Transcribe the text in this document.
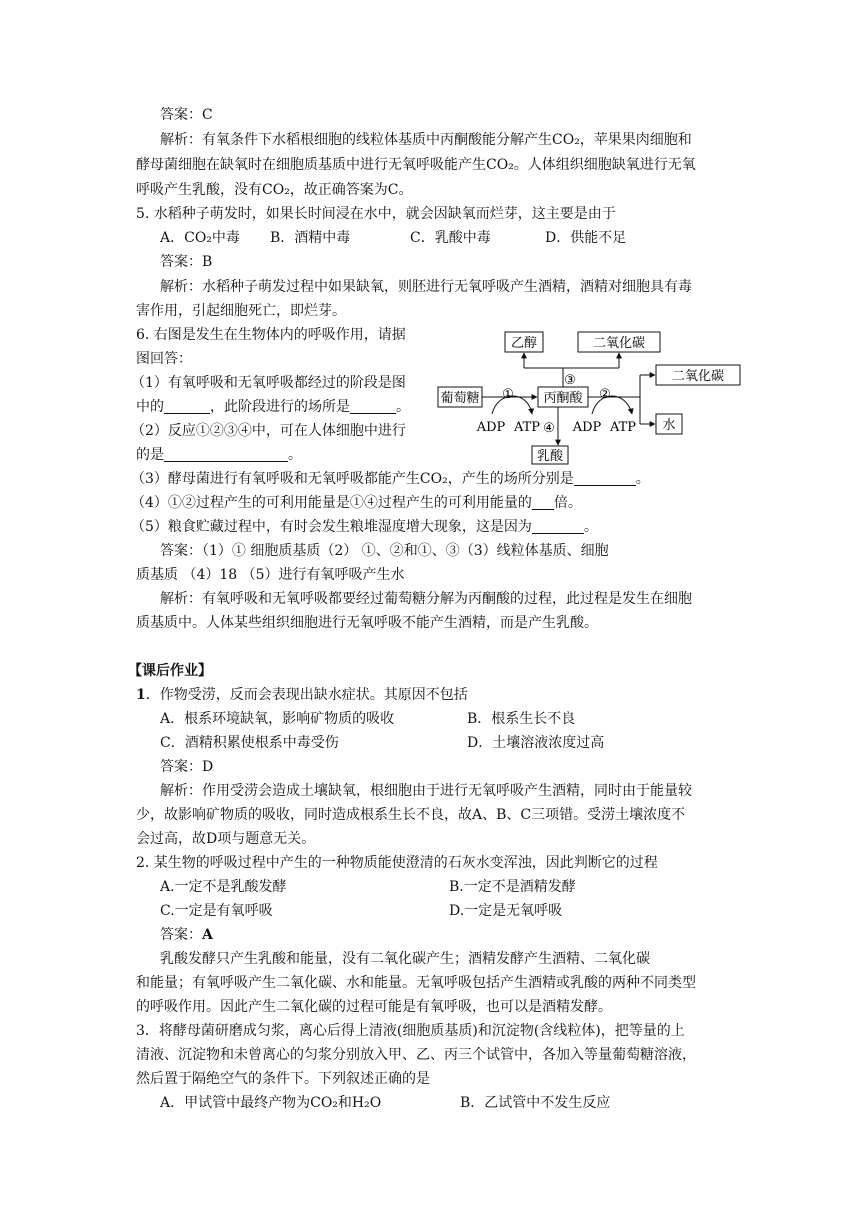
答案：C
解析：有氧条件下水稻根细胞的线粒体基质中丙酮酸能分解产生CO₂，苹果果肉细胞和
酵母菌细胞在缺氧时在细胞质基质中进行无氧呼吸能产生CO₂。人体组织细胞缺氧进行无氧
呼吸产生乳酸，没有CO₂，故正确答案为C。
5. 水稻种子萌发时，如果长时间浸在水中，就会因缺氧而烂芽，这主要是由于
A．CO₂中毒 B．酒精中毒	C．乳酸中毒	D．供能不足
答案：B
解析：水稻种子萌发过程中如果缺氧，则胚进行无氧呼吸产生酒精，酒精对细胞具有毒
害作用，引起细胞死亡，即烂芽。
6. 右图是发生在生物体内的呼吸作用，请据
图回答：
（1）有氧呼吸和无氧呼吸都经过的阶段是图
中的	，此阶段进行的场所是	。
（2）反应①②③④中，可在人体细胞中进行
的是	。
（3）酵母菌进行有氧呼吸和无氧呼吸都能产生CO₂，产生的场所分别是	。
（4）①②过程产生的可利用能量是①④过程产生的可利用能量的 倍。
（5）粮食贮藏过程中，有时会发生粮堆湿度增大现象，这是因为	。
答案：（1）① 细胞质基质（2） ①、②和①、③（3）线粒体基质、细胞
质基质 （4）18 （5）进行有氧呼吸产生水
解析：有氧呼吸和无氧呼吸都要经过葡萄糖分解为丙酮酸的过程，此过程是发生在细胞
质基质中。人体某些组织细胞进行无氧呼吸不能产生酒精，而是产生乳酸。
乙醇	二氧化碳
葡萄糖	丙酮酸
二氧化碳
水
乳酸
①	②
③
④
ADP ATP	ADP ATP
【课后作业】
1．作物受涝，反而会表现出缺水症状。其原因不包括
A．根系环境缺氧，影响矿物质的吸收	B．根系生长不良
C．酒精积累使根系中毒受伤	D．土壤溶液浓度过高
答案：D
解析：作用受涝会造成土壤缺氧，根细胞由于进行无氧呼吸产生酒精，同时由于能量较
少，故影响矿物质的吸收，同时造成根系生长不良，故A、B、C三项错。受涝土壤浓度不
会过高，故D项与题意无关。
2. 某生物的呼吸过程中产生的一种物质能使澄清的石灰水变浑浊，因此判断它的过程
A.一定不是乳酸发酵	B.一定不是酒精发酵
C.一定是有氧呼吸	D.一定是无氧呼吸
答案：A
乳酸发酵只产生乳酸和能量，没有二氧化碳产生；酒精发酵产生酒精、二氧化碳
和能量；有氧呼吸产生二氧化碳、水和能量。无氧呼吸包括产生酒精或乳酸的两种不同类型
的呼吸作用。因此产生二氧化碳的过程可能是有氧呼吸，也可以是酒精发酵。
3．将酵母菌研磨成匀浆，离心后得上清液(细胞质基质)和沉淀物(含线粒体)，把等量的上
清液、沉淀物和未曾离心的匀浆分别放入甲、乙、丙三个试管中，各加入等量葡萄糖溶液，
然后置于隔绝空气的条件下。下列叙述正确的是
A．甲试管中最终产物为CO₂和H₂O	B．乙试管中不发生反应
